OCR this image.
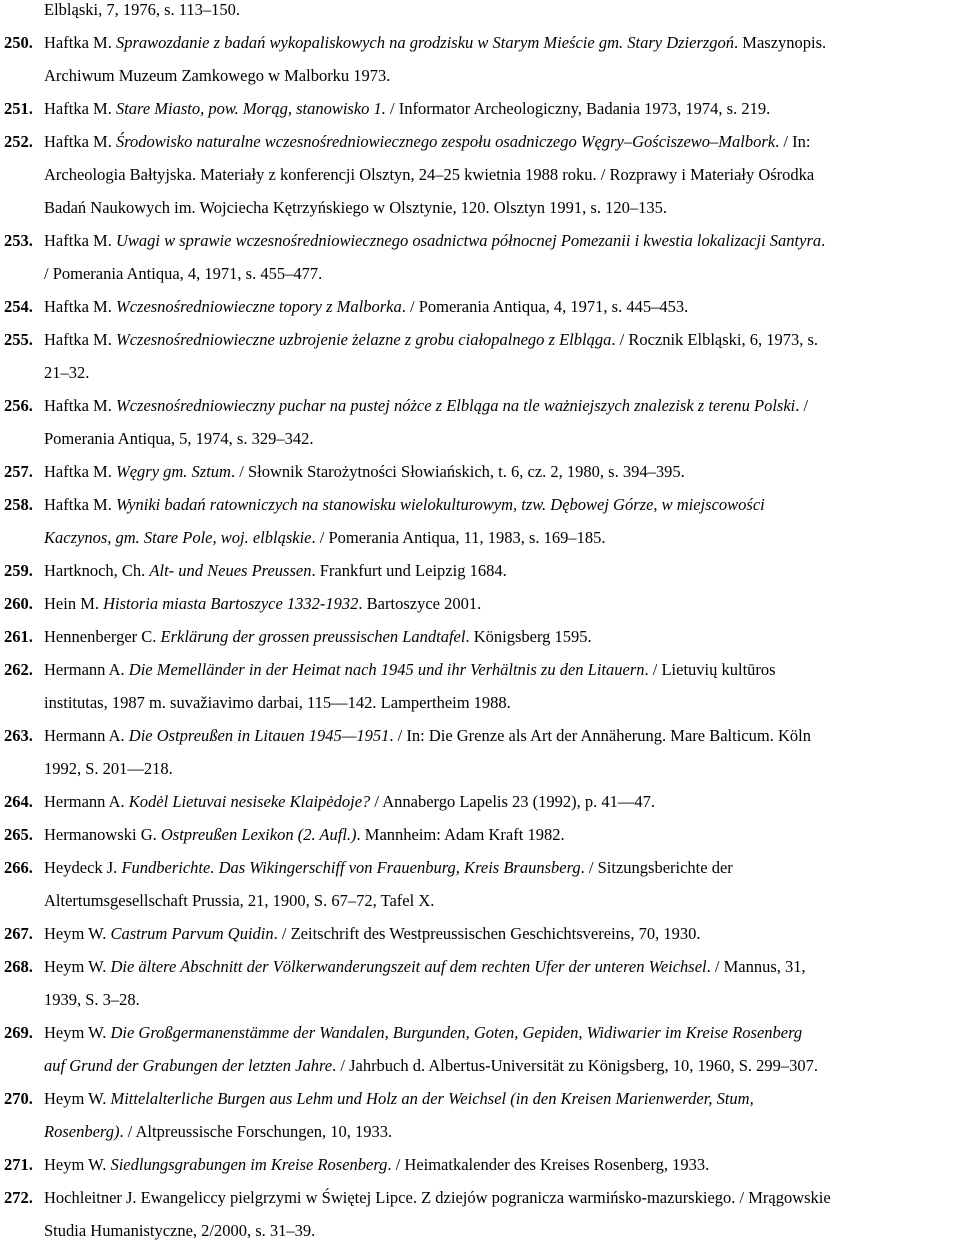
Elbląski, 7, 1976, s. 113–150.
250. Haftka M. Sprawozdanie z badań wykopaliskowych na grodzisku w Starym Mieście gm. Stary Dzierzgoń. Maszynopis.
Archiwum Muzeum Zamkowego w Malborku 1973.
251. Haftka M. Stare Miasto, pow. Morąg, stanowisko 1. / Informator Archeologiczny, Badania 1973, 1974, s. 219.
252. Haftka M. Środowisko naturalne wczesnośredniowiecznego zespołu osadniczego Węgry–Gościszewo–Malbork. / In:
Archeologia Bałtyjska. Materiały z konferencji Olsztyn, 24–25 kwietnia 1988 roku. / Rozprawy i Materiały Ośrodka
Badań Naukowych im. Wojciecha Kętrzyńskiego w Olsztynie, 120. Olsztyn 1991, s. 120–135.
253. Haftka M. Uwagi w sprawie wczesnośredniowiecznego osadnictwa północnej Pomezanii i kwestia lokalizacji Santyra.
/ Pomerania Antiqua, 4, 1971, s. 455–477.
254. Haftka M. Wczesnośredniowieczne topory z Malborka. / Pomerania Antiqua, 4, 1971, s. 445–453.
255. Haftka M. Wczesnośredniowieczne uzbrojenie żelazne z grobu ciałopalnego z Elbląga. / Rocznik Elbląski, 6, 1973, s.
21–32.
256. Haftka M. Wczesnośredniowieczny puchar na pustej nóżce z Elbląga na tle ważniejszych znalezisk z terenu Polski. /
Pomerania Antiqua, 5, 1974, s. 329–342.
257. Haftka M. Węgry gm. Sztum. / Słownik Starożytności Słowiańskich, t. 6, cz. 2, 1980, s. 394–395.
258. Haftka M. Wyniki badań ratowniczych na stanowisku wielokulturowym, tzw. Dębowej Górze, w miejscowości
Kaczynos, gm. Stare Pole, woj. elbląskie. / Pomerania Antiqua, 11, 1983, s. 169–185.
259. Hartknoch, Ch. Alt- und Neues Preussen. Frankfurt und Leipzig 1684.
260. Hein M. Historia miasta Bartoszyce 1332-1932. Bartoszyce 2001.
261. Hennenberger C. Erklärung der grossen preussischen Landtafel. Königsberg 1595.
262. Hermann A. Die Memelländer in der Heimat nach 1945 und ihr Verhältnis zu den Litauern. / Lietuvių kultūros
institutas, 1987 m. suvažiavimo darbai, 115—142. Lampertheim 1988.
263. Hermann A. Die Ostpreußen in Litauen 1945—1951. / In: Die Grenze als Art der Annäherung. Mare Balticum. Köln
1992, S. 201—218.
264. Hermann A. Kodėl Lietuvai nesiseke Klaipėdoje? / Annabergo Lapelis 23 (1992), p. 41—47.
265. Hermanowski G. Ostpreußen Lexikon (2. Aufl.). Mannheim: Adam Kraft 1982.
266. Heydeck J. Fundberichte. Das Wikingerschiff von Frauenburg, Kreis Braunsberg. / Sitzungsberichte der
Altertumsgesellschaft Prussia, 21, 1900, S. 67–72, Tafel X.
267. Heym W. Castrum Parvum Quidin. / Zeitschrift des Westpreussischen Geschichtsvereins, 70, 1930.
268. Heym W. Die ältere Abschnitt der Völkerwanderungszeit auf dem rechten Ufer der unteren Weichsel. / Mannus, 31,
1939, S. 3–28.
269. Heym W. Die Großgermanenstämme der Wandalen, Burgunden, Goten, Gepiden, Widiwarier im Kreise Rosenberg
auf Grund der Grabungen der letzten Jahre. / Jahrbuch d. Albertus-Universität zu Königsberg, 10, 1960, S. 299–307.
270. Heym W. Mittelalterliche Burgen aus Lehm und Holz an der Weichsel (in den Kreisen Marienwerder, Stum,
Rosenberg). / Altpreussische Forschungen, 10, 1933.
271. Heym W. Siedlungsgrabungen im Kreise Rosenberg. / Heimatkalender des Kreises Rosenberg, 1933.
272. Hochleitner J. Ewangeliccy pielgrzymi w Świętej Lipce. Z dziejów pogranicza warmińsko-mazurskiego. / Mrągowskie
Studia Humanistyczne, 2/2000, s. 31–39.
